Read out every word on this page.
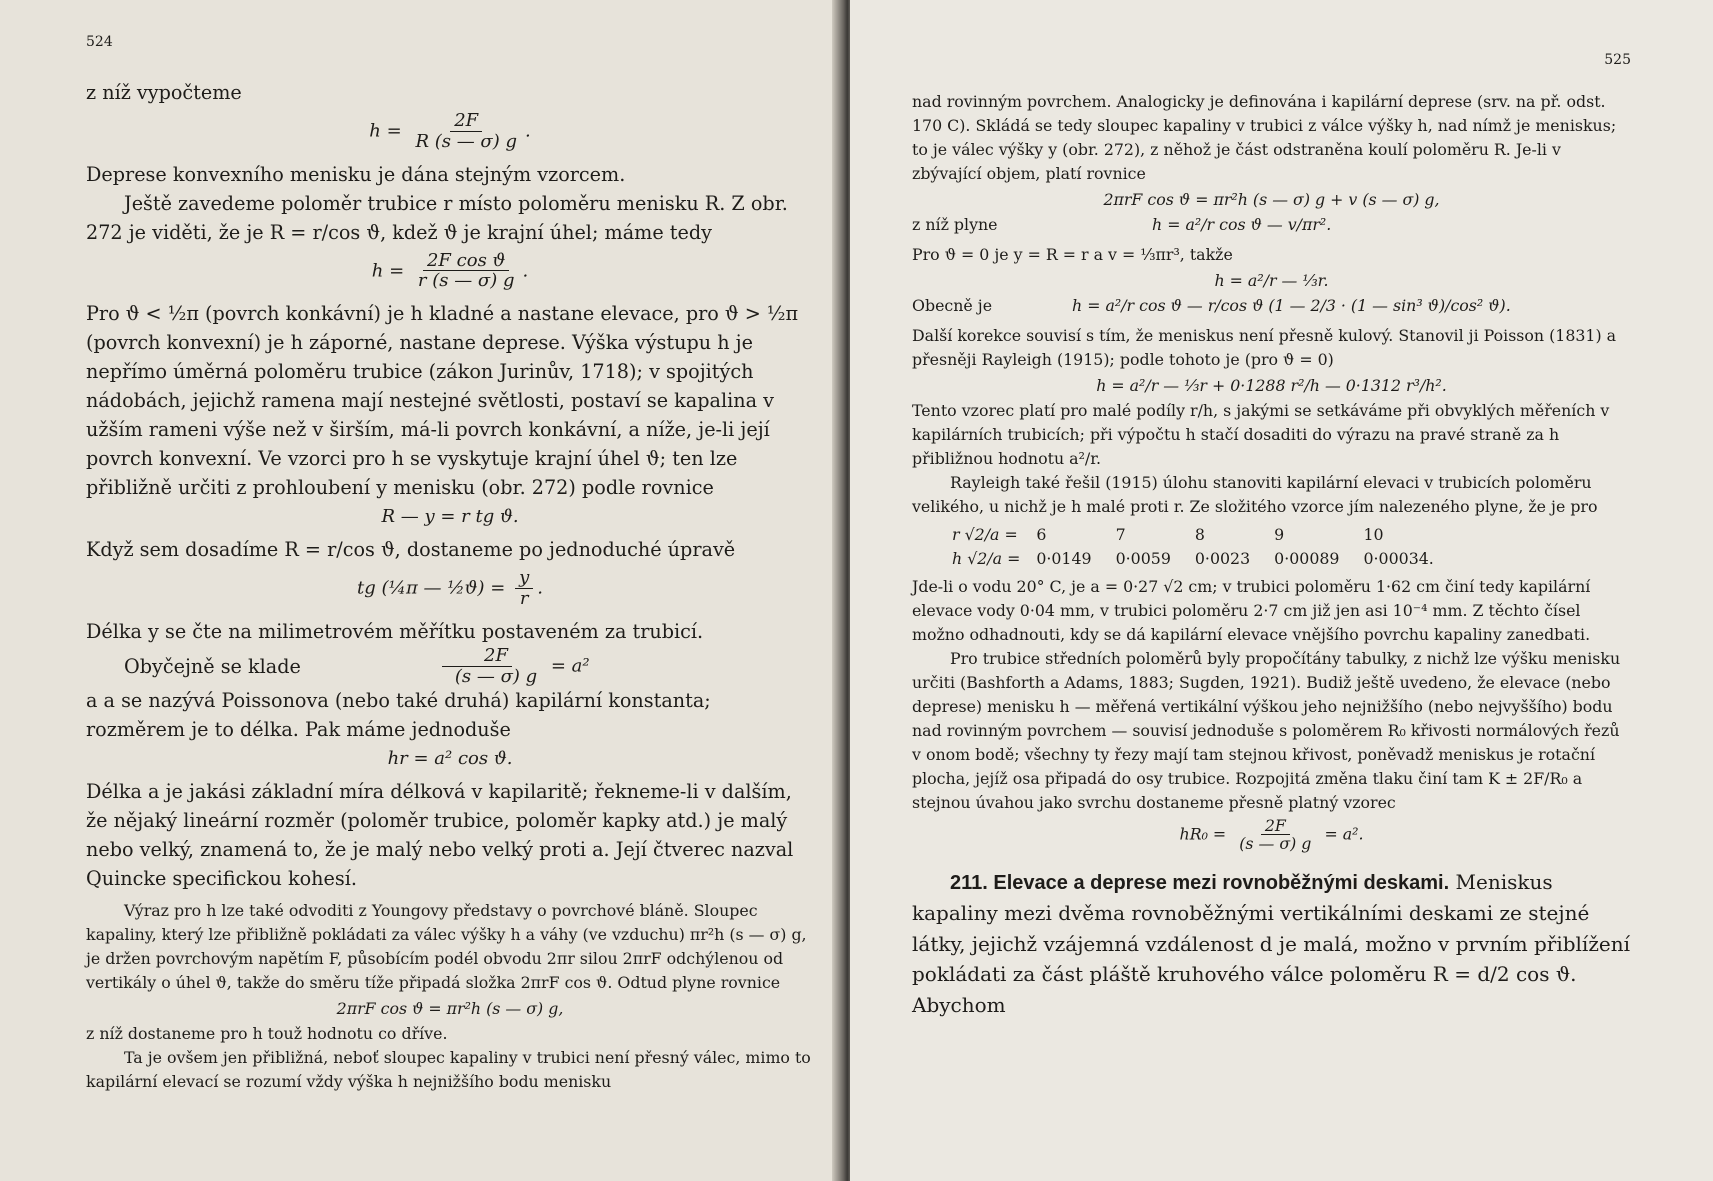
524

z níž vypočteme

$h = \frac{2F}{R (s — \sigma) g}$ .

Deprese konvexního menisku je dána stejným vzorcem.

Ještě zavedeme poloměr trubice r místo poloměru menisku R. Z obr. 272 je viděti, že je R = r/cos ϑ, kdež ϑ je krajní úhel; máme tedy

$h = \frac{\text{2F cos ϑ}}{r (s — \sigma) g}$ .

Pro ϑ < ½π (povrch konkávní) je h kladné a nastane elevace, pro ϑ > ½π (povrch konvexní) je h záporné, nastane deprese. Výška výstupu h je nepřímo úměrná poloměru trubice (zákon Jurinův, 1718); v spojitých nádobách, jejichž ramena mají nestejné světlosti, postaví se kapalina v užším rameni výše než v širším, má-li povrch konkávní, a níže, je-li její povrch konvexní. Ve vzorci pro h se vyskytuje krajní úhel ϑ; ten lze přibližně určiti z prohloubení y menisku (obr. 272) podle rovnice

R — y = r tg ϑ.

Když sem dosadíme R = r/cos ϑ, dostaneme po jednoduché úpravě

tg (¼π — ½ϑ) = $\frac{y}{r}$ .

Délka y se čte na milimetrovém měřítku postaveném za trubicí.

Obyčejně se klade	$\frac{2F}{(s — \sigma) g} = a^2$

a a se nazývá Poissonova (nebo také druhá) kapilární konstanta; rozměrem je to délka. Pak máme jednoduše

hr = a² cos ϑ.

Délka a je jakási základní míra délková v kapilaritě; řekneme-li v dalším, že nějaký lineární rozměr (poloměr trubice, poloměr kapky atd.) je malý nebo velký, znamená to, že je malý nebo velký proti a. Její čtverec nazval Quincke specifickou kohesí.

Výraz pro h lze také odvoditi z Youngovy představy o povrchové bláně. Sloupec kapaliny, který lze přibližně pokládati za válec výšky h a váhy (ve vzduchu) πr²h (s — σ) g, je držen povrchovým napětím F, působícím podél obvodu 2πr silou 2πrF odchýlenou od vertikály o úhel ϑ, takže do směru tíže připadá složka 2πrF cos ϑ. Odtud plyne rovnice

2πrF cos ϑ = πr²h (s — σ) g,

z níž dostaneme pro h touž hodnotu co dříve.

Ta je ovšem jen přibližná, neboť sloupec kapaliny v trubici není přesný válec, mimo to kapilární elevací se rozumí vždy výška h nejnižšího bodu menisku

525

nad rovinným povrchem. Analogicky je definována i kapilární deprese (srv. na př. odst. 170 C). Skládá se tedy sloupec kapaliny v trubici z válce výšky h, nad nímž je meniskus; to je válec výšky y (obr. 272), z něhož je část odstraněna koulí poloměru R. Je-li v zbývající objem, platí rovnice

2πrF cos ϑ = πr²h (s — σ) g + v (s — σ) g,
z níž plyne	h = a²/r cos ϑ — v/πr².

Pro ϑ = 0 je y = R = r a v = ⅓πr³, takže

h = a²/r — ⅓r.
Obecně je	h = a²/r cos ϑ — r/cos ϑ (1 — 2/3 · (1 — sin³ ϑ)/cos² ϑ).

Další korekce souvisí s tím, že meniskus není přesně kulový. Stanovil ji Poisson (1831) a přesněji Rayleigh (1915); podle tohoto je (pro ϑ = 0)

h = a²/r — ⅓r + 0·1288 r²/h — 0·1312 r³/h².

Tento vzorec platí pro malé podíly r/h, s jakými se setkáváme při obvyklých měřeních v kapilárních trubicích; při výpočtu h stačí dosaditi do výrazu na pravé straně za h přibližnou hodnotu a²/r.

Rayleigh také řešil (1915) úlohu stanoviti kapilární elevaci v trubicích poloměru velikého, u nichž je h malé proti r. Ze složitého vzorce jím nalezeného plyne, že je pro

r √2/a =	6	7	8	9	10
h √2/a =	0·0149	0·0059	0·0023	0·00089	0·00034.

Jde-li o vodu 20° C, je a = 0·27 √2 cm; v trubici poloměru 1·62 cm činí tedy kapilární elevace vody 0·04 mm, v trubici poloměru 2·7 cm již jen asi 10⁻⁴ mm. Z těchto čísel možno odhadnouti, kdy se dá kapilární elevace vnějšího povrchu kapaliny zanedbati.

Pro trubice středních poloměrů byly propočítány tabulky, z nichž lze výšku menisku určiti (Bashforth a Adams, 1883; Sugden, 1921). Budiž ještě uvedeno, že elevace (nebo deprese) menisku h — měřená vertikální výškou jeho nejnižšího (nebo nejvyššího) bodu nad rovinným povrchem — souvisí jednoduše s poloměrem R₀ křivosti normálových řezů v onom bodě; všechny ty řezy mají tam stejnou křivost, poněvadž meniskus je rotační plocha, jejíž osa připadá do osy trubice. Rozpojitá změna tlaku činí tam K ± 2F/R₀ a stejnou úvahou jako svrchu dostaneme přesně platný vzorec

$hR_0 = \frac{2F}{(s — \sigma) g} = a^2$.

211. Elevace a deprese mezi rovnoběžnými deskami. Meniskus kapaliny mezi dvěma rovnoběžnými vertikálními deskami ze stejné látky, jejichž vzájemná vzdálenost d je malá, možno v prvním přiblížení pokládati za část pláště kruhového válce poloměru R = d/2 cos ϑ. Abychom
